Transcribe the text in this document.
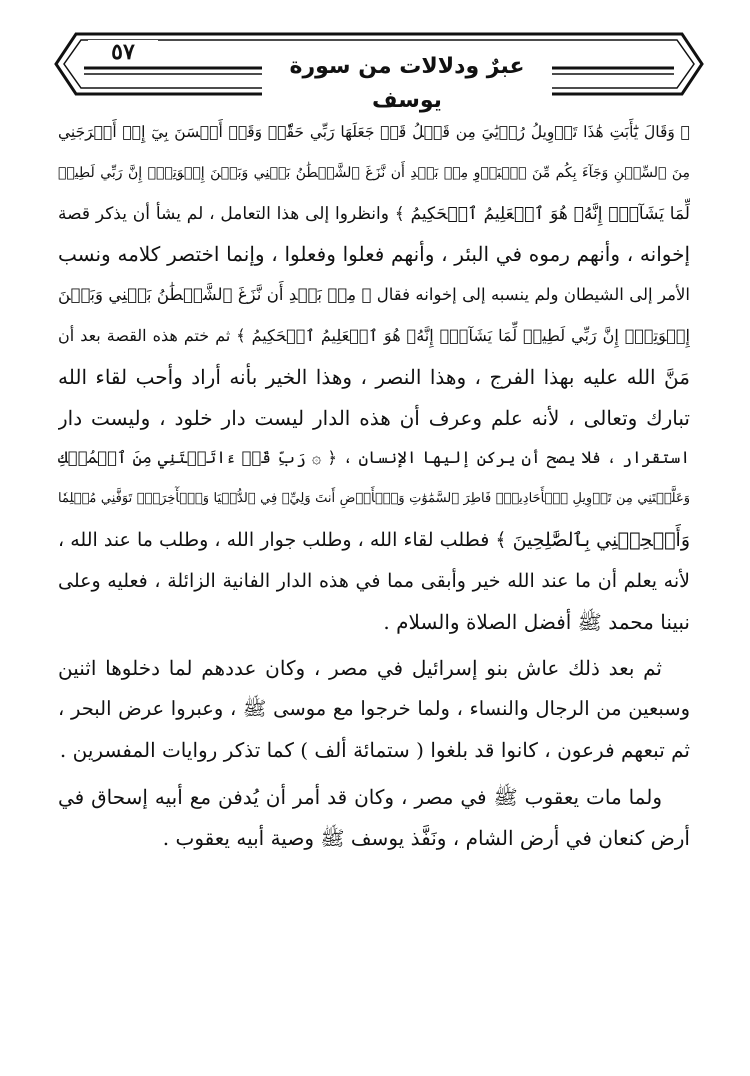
٥٧
عبرٌ ودلالات من سورة يوسف
﴿ وَقَالَ يَٰٓأَبَتِ هَٰذَا تَأۡوِيلُ رُءۡيَٰيَ مِن قَبۡلُ قَدۡ جَعَلَهَا رَبِّي حَقّٗاۖ وَقَدۡ أَحۡسَنَ بِيٓ إِذۡ أَخۡرَجَنِي
مِنَ ٱلسِّجۡنِ وَجَآءَ بِكُم مِّنَ ٱلۡبَدۡوِ مِنۢ بَعۡدِ أَن نَّزَغَ ٱلشَّيۡطَٰنُ بَيۡنِي وَبَيۡنَ إِخۡوَتِيٓۚ إِنَّ رَبِّي لَطِيفٞ
لِّمَا يَشَآءُۚ إِنَّهُۥ هُوَ ٱلۡعَلِيمُ ٱلۡحَكِيمُ ﴾ وانظروا إلى هذا التعامل ، لم يشأ أن يذكر قصة
إخوانه ، وأنهم رموه في البئر ، وأنهم فعلوا وفعلوا ، وإنما اختصر كلامه ونسب
الأمر إلى الشيطان ولم ينسبه إلى إخوانه فقال ﴿ مِنۢ بَعۡدِ أَن نَّزَغَ ٱلشَّيۡطَٰنُ بَيۡنِي وَبَيۡنَ
إِخۡوَتِيٓۚ إِنَّ رَبِّي لَطِيفٞ لِّمَا يَشَآءُۚ إِنَّهُۥ هُوَ ٱلۡعَلِيمُ ٱلۡحَكِيمُ ﴾ ثم ختم هذه القصة بعد أن
مَنَّ الله عليه بهذا الفرج ، وهذا النصر ، وهذا الخير بأنه أراد وأحب لقاء الله
تبارك وتعالى ، لأنه علم وعرف أن هذه الدار ليست دار خلود ، وليست دار
استقرار ، فلا يصح أن يركن إليها الإنسان ، ﴿ ۞ رَبِّ قَدۡ ءَاتَيۡتَنِي مِنَ ٱلۡمُلۡكِ
وَعَلَّمۡتَنِي مِن تَأۡوِيلِ ٱلۡأَحَادِيثِۚ فَاطِرَ ٱلسَّمَٰوَٰتِ وَٱلۡأَرۡضِ أَنتَ وَلِيِّۦ فِي ٱلدُّنۡيَا وَٱلۡأٓخِرَةِۖ تَوَفَّنِي مُسۡلِمٗا
وَأَلۡحِقۡنِي بِٱلصَّٰلِحِينَ ﴾ فطلب لقاء الله ، وطلب جوار الله ، وطلب ما عند الله ،
لأنه يعلم أن ما عند الله خير وأبقى مما في هذه الدار الفانية الزائلة ، فعليه وعلى
نبينا محمد ﷺ أفضل الصلاة والسلام .
ثم بعد ذلك عاش بنو إسرائيل في مصر ، وكان عددهم لما دخلوها اثنين
وسبعين من الرجال والنساء ، ولما خرجوا مع موسى ﷺ ، وعبروا عرض البحر ،
ثم تبعهم فرعون ، كانوا قد بلغوا ( ستمائة ألف ) كما تذكر روايات المفسرين .
ولما مات يعقوب ﷺ في مصر ، وكان قد أمر أن يُدفن مع أبيه إسحاق في
أرض كنعان في أرض الشام ، ونَفَّذ يوسف ﷺ وصية أبيه يعقوب .
